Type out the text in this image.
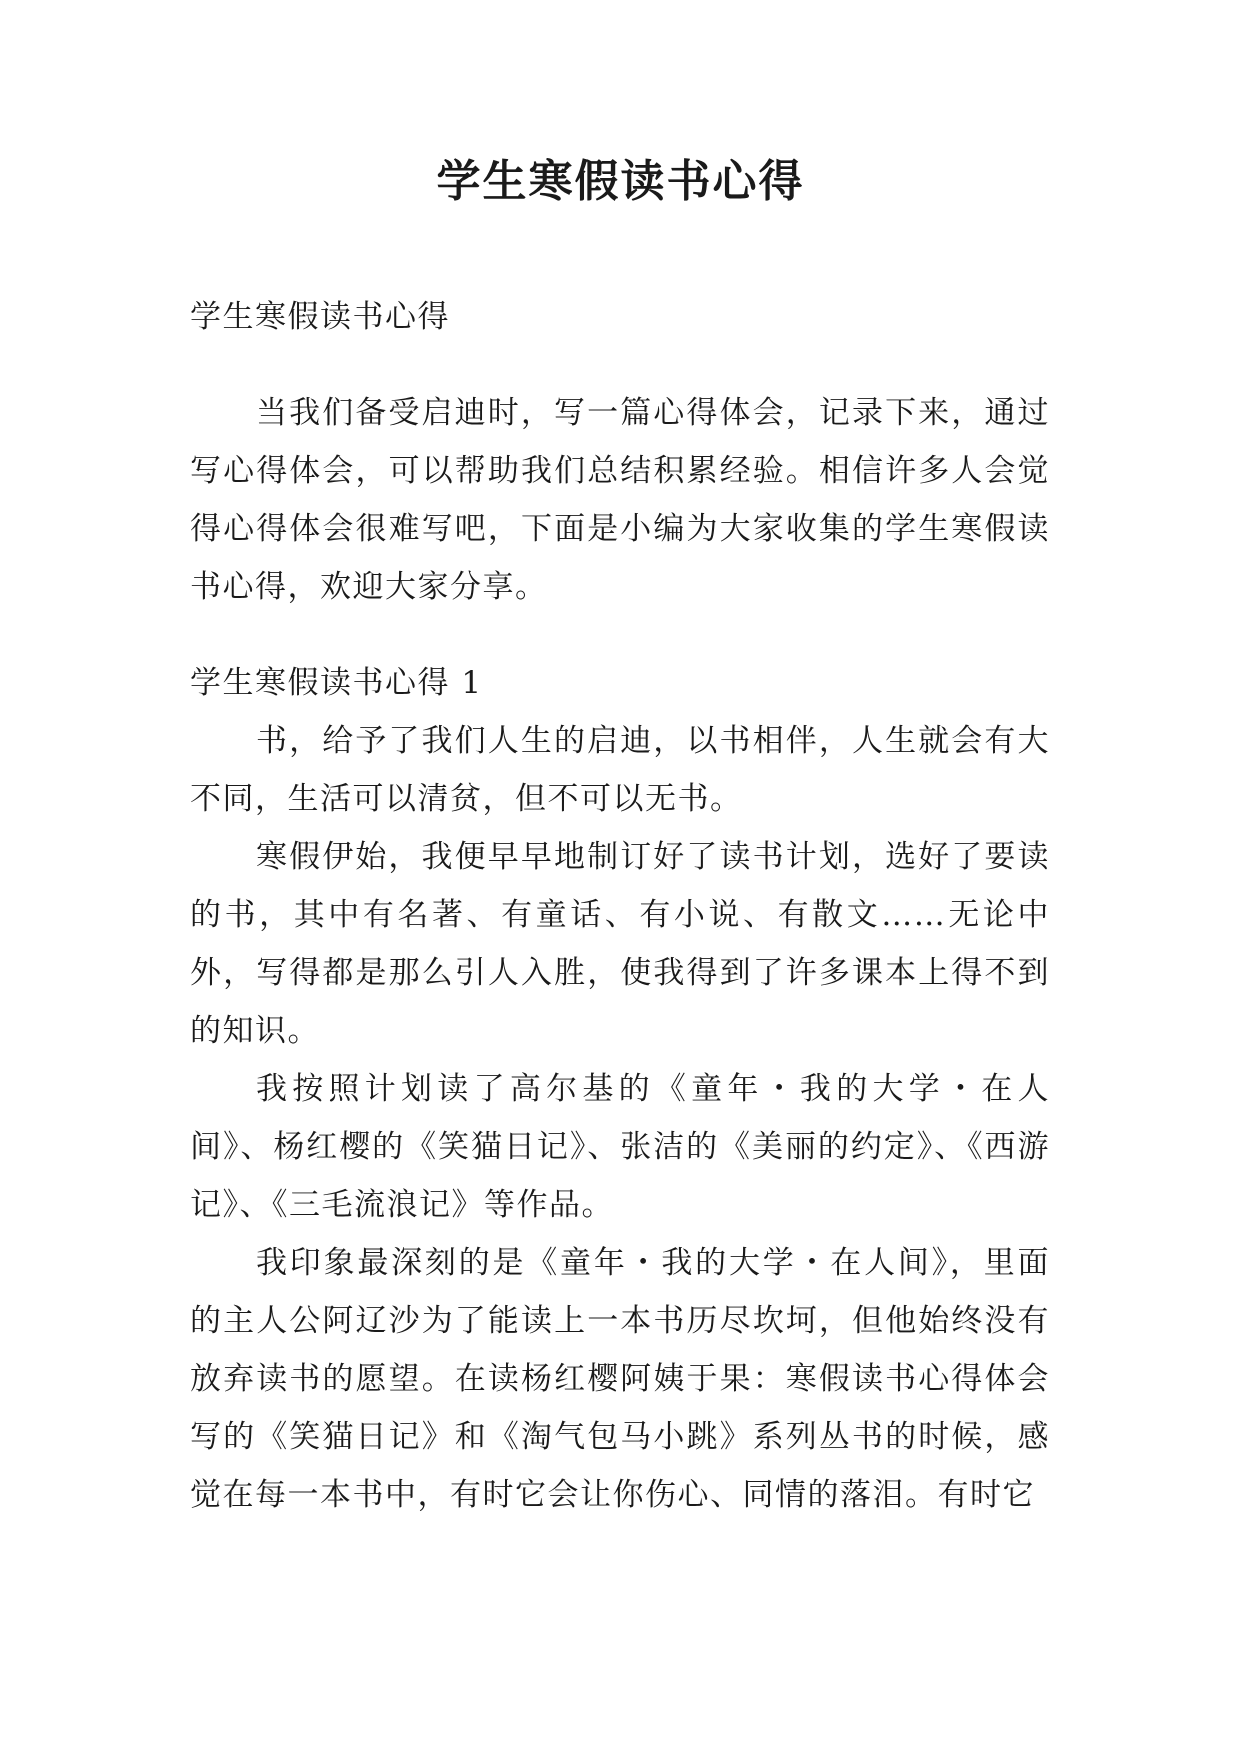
学生寒假读书心得

学生寒假读书心得

当我们备受启迪时，写一篇心得体会，记录下来，通过写心得体会，可以帮助我们总结积累经验。相信许多人会觉得心得体会很难写吧，下面是小编为大家收集的学生寒假读书心得，欢迎大家分享。

学生寒假读书心得 1

书，给予了我们人生的启迪，以书相伴，人生就会有大不同，生活可以清贫，但不可以无书。

寒假伊始，我便早早地制订好了读书计划，选好了要读的书，其中有名著、有童话、有小说、有散文……无论中外，写得都是那么引人入胜，使我得到了许多课本上得不到的知识。

我按照计划读了高尔基的《童年・我的大学・在人间》、杨红樱的《笑猫日记》、张洁的《美丽的约定》、《西游记》、《三毛流浪记》等作品。

我印象最深刻的是《童年・我的大学・在人间》，里面的主人公阿辽沙为了能读上一本书历尽坎坷，但他始终没有放弃读书的愿望。在读杨红樱阿姨于果：寒假读书心得体会写的《笑猫日记》和《淘气包马小跳》系列丛书的时候，感觉在每一本书中，有时它会让你伤心、同情的落泪。有时它
